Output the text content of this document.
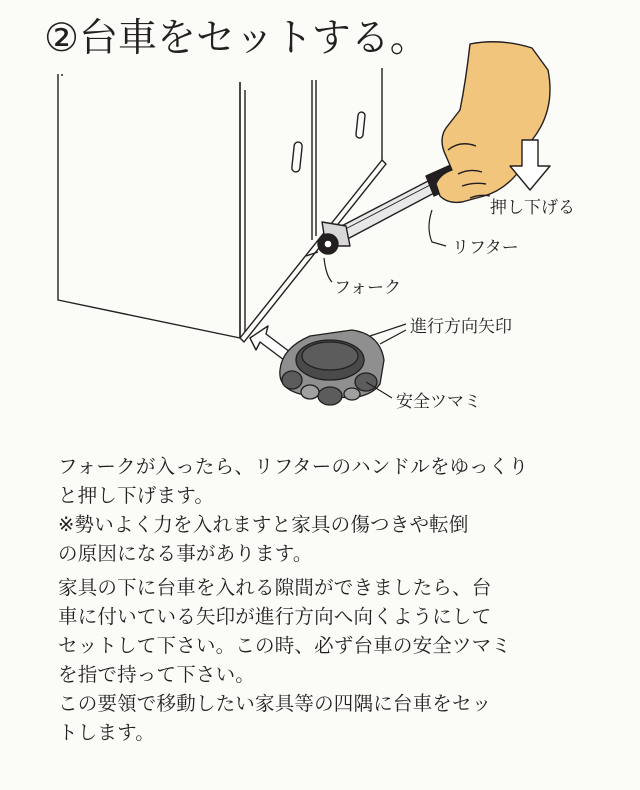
②台車をセットする。
押し下げる
リフター
フォーク
進行方向矢印
安全ツマミ

フォークが入ったら、リフターのハンドルをゆっくり
と押し下げます。
※勢いよく力を入れますと家具の傷つきや転倒
の原因になる事があります。

家具の下に台車を入れる隙間ができましたら、台
車に付いている矢印が進行方向へ向くようにして
セットして下さい。この時、必ず台車の安全ツマミ
を指で持って下さい。
この要領で移動したい家具等の四隅に台車をセッ
トします。
